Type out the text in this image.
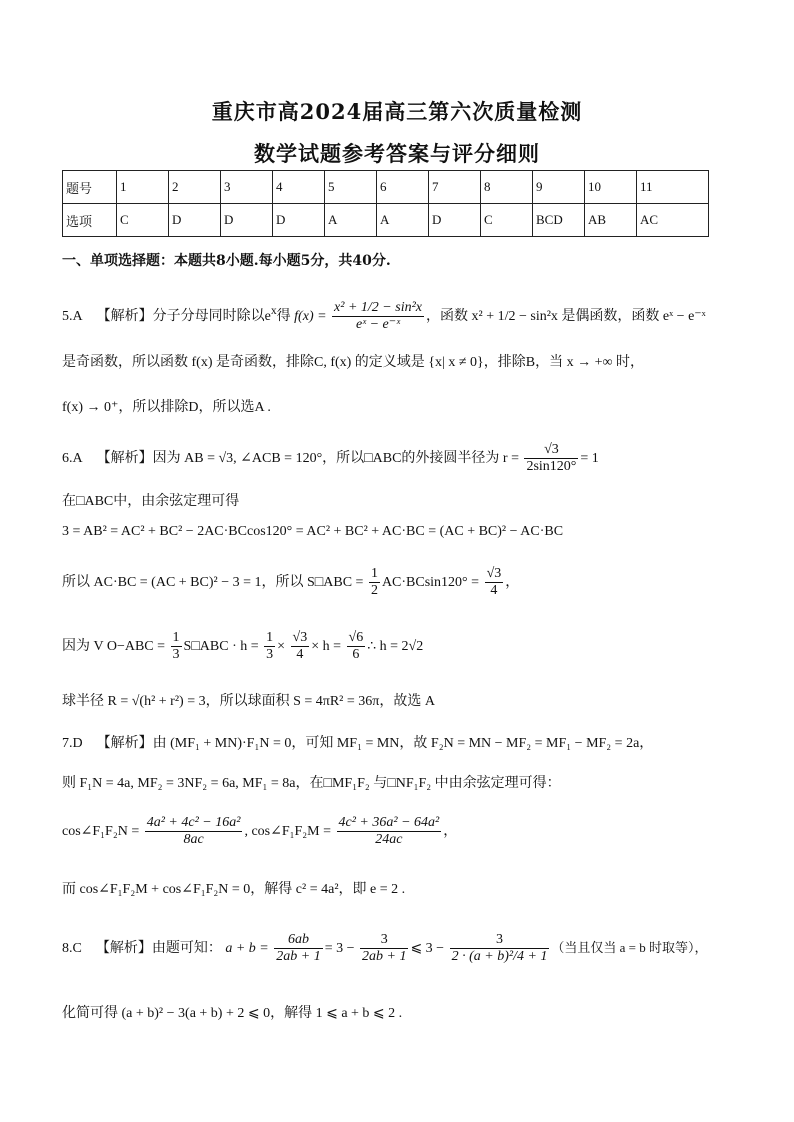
重庆市高2024届高三第六次质量检测
数学试题参考答案与评分细则
题号	1	2	3	4	5	6	7	8	9	10	11
选项	C	D	D	D	A	A	D	C	BCD	AB	AC
一、单项选择题：本题共8小题.每小题5分，共40分.
5.A 【解析】分子分母同时除以$e^x$得 $f(x) = \frac{\text{x² + 1/2 − sin²x}}{\text{eˣ − e⁻ˣ}}$ ，函数 x² + 1/2 − sin²x 是偶函数，函数 eˣ − e⁻ˣ
是奇函数，所以函数 f(x) 是奇函数，排除C, f(x) 的定义域是 {x| x ≠ 0}，排除B，当 x → +∞ 时，
f(x) → 0⁺，所以排除D，所以选A .
6.A 【解析】因为 AB = √3, ∠ACB = 120°，所以□ABC的外接圆半径为 $r = \frac{√3}{2\sin 120^\circ} = 1$
在□ABC中，由余弦定理可得
3 = AB² = AC² + BC² − 2AC·BCcos120° = AC² + BC² + AC·BC = (AC + BC)² − AC·BC
所以 AC·BC = (AC + BC)² − 3 = 1，所以 S□ABC = $\frac{1}{2} AC\cdot BCsin120^\circ = \frac{√3}{4}$ ，
因为 V $O-ABC = \frac{1}{3}$ S□ABC · $h = \frac{1}{3} \times \frac{√3}{4} \times h = \frac{√6}{6}$ ∴ h = 2√2
球半径 R = √(h² + r²) = 3，所以球面积 S = 4πR² = 36π，故选 A
7.D 【解析】由 (MF₁ + MN)·F₁N = 0，可知 MF₁ = MN，故 F₂N = MN − MF₂ = MF₁ − MF₂ = 2a，
则 F₁N = 4a, MF₂ = 3NF₂ = 6a, MF₁ = 8a，在□MF₁F₂ 与□NF₁F₂ 中由余弦定理可得：
cos∠F₁F₂N = $\frac{\text{4a² + 4c² − 16a²}}{8ac}$ , cos∠F₁F₂M = $\frac{\text{4c² + 36a² − 64a²}}{24ac}$ ，
而 cos∠F₁F₂M + cos∠F₁F₂N = 0，解得 c² = 4a²，即 e = 2 .
8.C 【解析】由题可知： $a + b = \frac{6ab}{2ab + 1} = 3 - \frac{3}{2ab + 1}$ ⩽ $3 - \frac{3}{\text{2 · (a + b)²/4 + 1}}$ （当且仅当 a = b 时取等），
化简可得 (a + b)² − 3(a + b) + 2 ⩽ 0，解得 1 ⩽ a + b ⩽ 2 .
